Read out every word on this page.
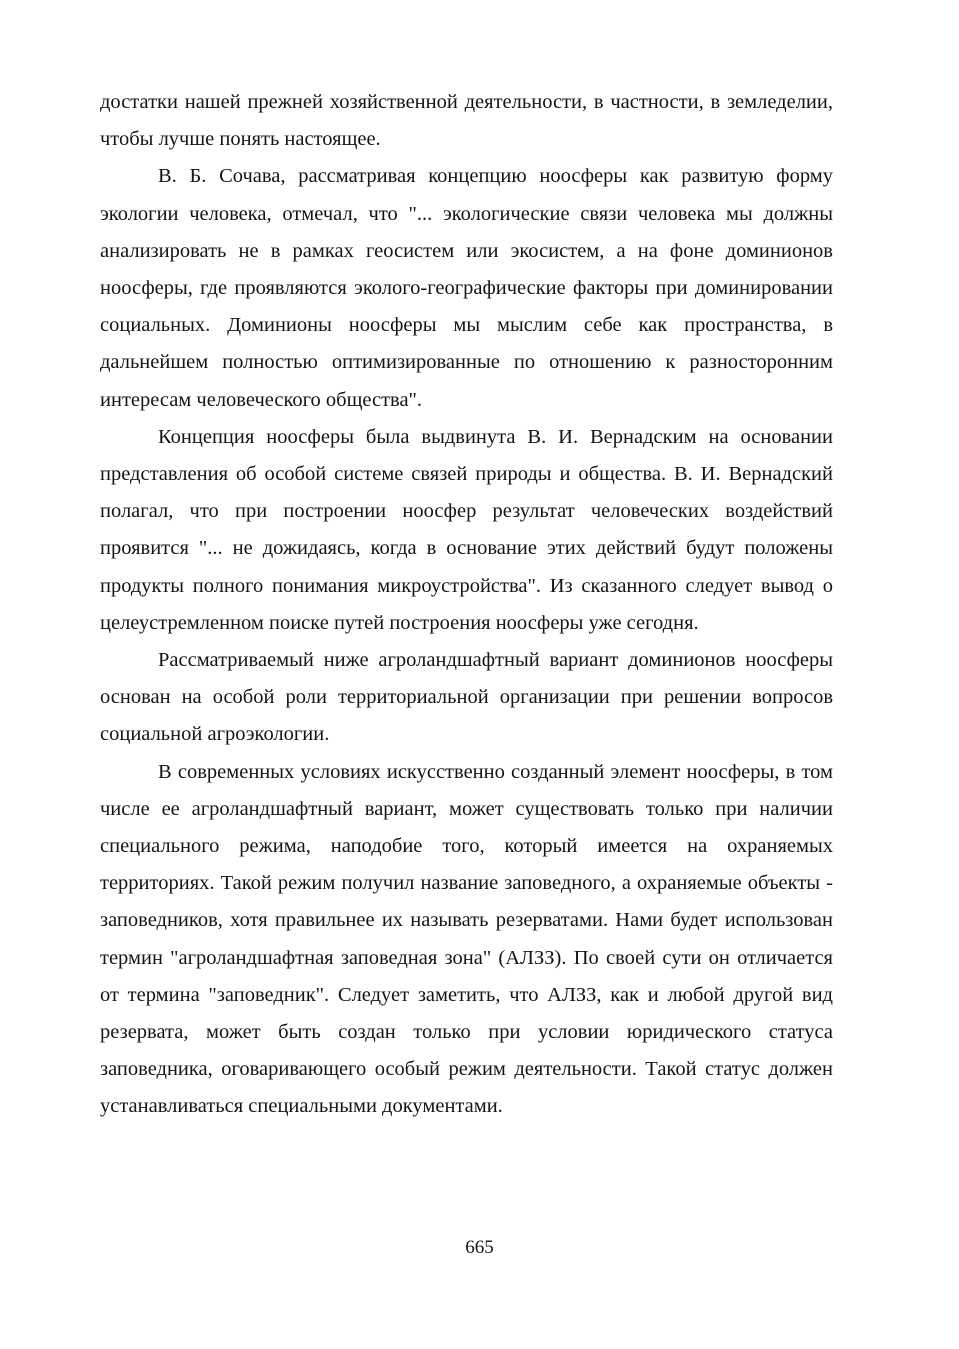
достатки нашей прежней хозяйственной деятельности, в частности, в земледелии, чтобы лучше понять настоящее.

В. Б. Сочава, рассматривая концепцию ноосферы как развитую форму экологии человека, отмечал, что "... экологические связи человека мы должны анализировать не в рамках геосистем или экосистем, а на фоне доминионов ноосферы, где проявляются эколого-географические факторы при доминировании социальных. Доминионы ноосферы мы мыслим себе как пространства, в дальнейшем полностью оптимизированные по отношению к разносторонним интересам человеческого общества".

Концепция ноосферы была выдвинута В. И. Вернадским на основании представления об особой системе связей природы и общества. В. И. Вернадский полагал, что при построении ноосфер результат человеческих воздействий проявится "... не дожидаясь, когда в основание этих действий будут положены продукты полного понимания микроустройства". Из сказанного следует вывод о целеустремленном поиске путей построения ноосферы уже сегодня.

Рассматриваемый ниже агроландшафтный вариант доминионов ноосферы основан на особой роли территориальной организации при решении вопросов социальной агроэкологии.

В современных условиях искусственно созданный элемент ноосферы, в том числе ее агроландшафтный вариант, может существовать только при наличии специального режима, наподобие того, который имеется на охраняемых территориях. Такой режим получил название заповедного, а охраняемые объекты - заповедников, хотя правильнее их называть резерватами. Нами будет использован термин "агроландшафтная заповедная зона" (АЛЗЗ). По своей сути он отличается от термина "заповедник". Следует заметить, что АЛЗЗ, как и любой другой вид резервата, может быть создан только при условии юридического статуса заповедника, оговаривающего особый режим деятельности. Такой статус должен устанавливаться специальными документами.

665
